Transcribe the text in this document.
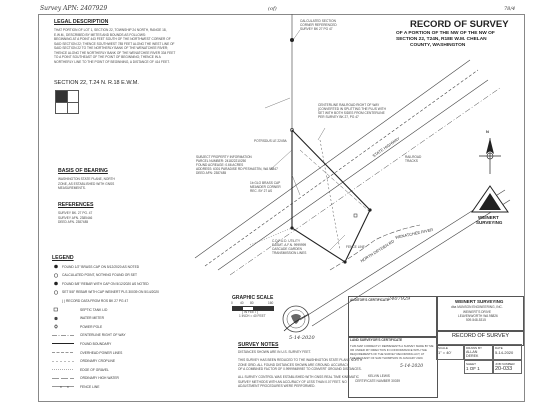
Survey APN: 2407929	(of)	78/4
LEGAL DESCRIPTION
THAT PORTION OF LOT 1, SECTION 22, TOWNSHIP 24 NORTH, RANGE 18,
E.W.M., DESCRIBED BY METES AND BOUNDS AS FOLLOWS:
BEGINNING AT A POINT 443 FEET SOUTH OF THE NORTHWEST CORNER OF
SAID SECTION 22; THENCE SOUTHWEST 785 FEET ALONG THE WEST LINE OF
SAID SECTION 22 TO THE NORTHERLY BANK OF THE WENATCHEE RIVER;
THENCE ALONG THE NORTHERLY BANK OF THE WENATCHEE RIVER 334 FEET
TO A POINT SOUTHEAST OF THE POINT OF BEGINNING; THENCE IN A
NORTHERLY LINE TO THE POINT OF BEGINNING, A DISTANCE OF 414 FEET.
SECTION 22, T.24 N. R.18 E.W.M.
BASIS OF BEARING
WASHINGTON STATE PLANE, NORTH
ZONE, AS ESTABLISHED WITH GNSS
MEASUREMENTS.
REFERENCES
SURVEY BK. 27 PG. 47
SURVEY AFN. 2385446
DEED AFN. 2387485
LEGEND
FOUND 1/2" BRASS CAP ON 5/12/2020 AS NOTED
CALCULATED POINT, NOTHING FOUND OR SET
FOUND 5/8" REBAR WITH CAP ON 5/12/2020 AS NOTED
SET 5/8" REBAR WITH CAP WEINERT PLS 30039 ON 5/14/2020
( ) RECORD DATA FROM ROS BK 27 PG 47
SEPTIC TANK LID
WATER METER
POWER POLE
CENTERLINE RIGHT OF WAY
FOUND BOUNDARY
OVERHEAD POWER LINES
ORDINARY CROPLINE
EDGE OF GRAVEL
ORDINARY HIGH WATER
x x	FENCE LINE
GRAPHIC SCALE
0 40 80	160
( IN FEET )
1 INCH = 40 FEET
5-14-2020
SURVEY NOTES
DISTANCES SHOWN ARE IN U.S. SURVEY FEET.
THIS SURVEY HAS BEEN REDUCED TO THE WASHINGTON STATE PLANE NORTH
ZONE GRID. ALL FOUND DISTANCES SHOWN ARE GROUND. ACCURACY
OF A COMBINED FACTOR OF 0.99999489987 TO CONVERT GROUND DISTANCES.
ALL SURVEY CONTROL WAS ESTABLISHED WITH GNSS REAL TIME KINEMATIC
SURVEY METHODS WITH AN ACCURACY OF LESS THAN 0.07 FEET. NO
ADJUSTMENT PROCEDURES WERE PERFORMED.
CALCULATED SECTION
CORNER REFERENCED
SURVEY BK 27 PG 47
CENTERLINE RAILROAD RIGHT OF WAY
(CONVERTED IN SPLITTING THE PLUS WITH
SET WITH BOTH SIDES FROM CENTERLINE
PER SURVEY BK 27, PG 47
POTRSDUS LE 2249A
SUBJECT PROPERTY INFORMATION
PARCEL NUMBER: 241822210250
FOUND ACREAGE: 0.66 ACRES
ADDRESS: 6301 PARADISE RD PESHASTIN, WA 98847
DEED AFN: 2387485
1b GLO BRASS CAP
MEANDER CORNER
REC. BY 27 AS
RAILROAD
TRACKS
C.D.P.U.D. UTILITY
EASMT. A.F.N. 9999999
CASCADE GARDEN
TRANSMISSION LINES
FENCE LINE
NORTH DRYDEN RD
WENATCHEE RIVER
STATE HIGHWAY
RECORD OF SURVEY
OF A PORTION OF THE NW OF THE NW OF
SECTION 22, T24N, R18E W.M. CHELAN
COUNTY, WASHINGTON
N
WEINERT
SURVEYING
AUDITOR'S CERTIFICATE
2407929
LAND SURVEYOR'S CERTIFICATE
THIS MAP CORRECTLY REPRESENTS A SURVEY MADE BY ME
OR UNDER MY DIRECTION IN CONFORMANCE WITH THE
REQUIREMENTS OF THE SURVEY RECORDING ACT, AT
THE REQUEST OF SAM THOMPSON IN JANUARY 2020.
5-14-2020
KELVIN LEWIS
CERTIFICATE NUMBER 30039
WEINERT SURVEYING
dba MUNSON ENGINEERING, INC.
WEINERT'S DRIVE
LEAVENWORTH WA 98826
509-548-5315
RECORD OF SURVEY
SCALE
1" = 40'
DRAWN BY
ALLAN
DEREK
DATE
5-14-2020
SHEET
1 OF 1
JOB NUMBER
20-033
